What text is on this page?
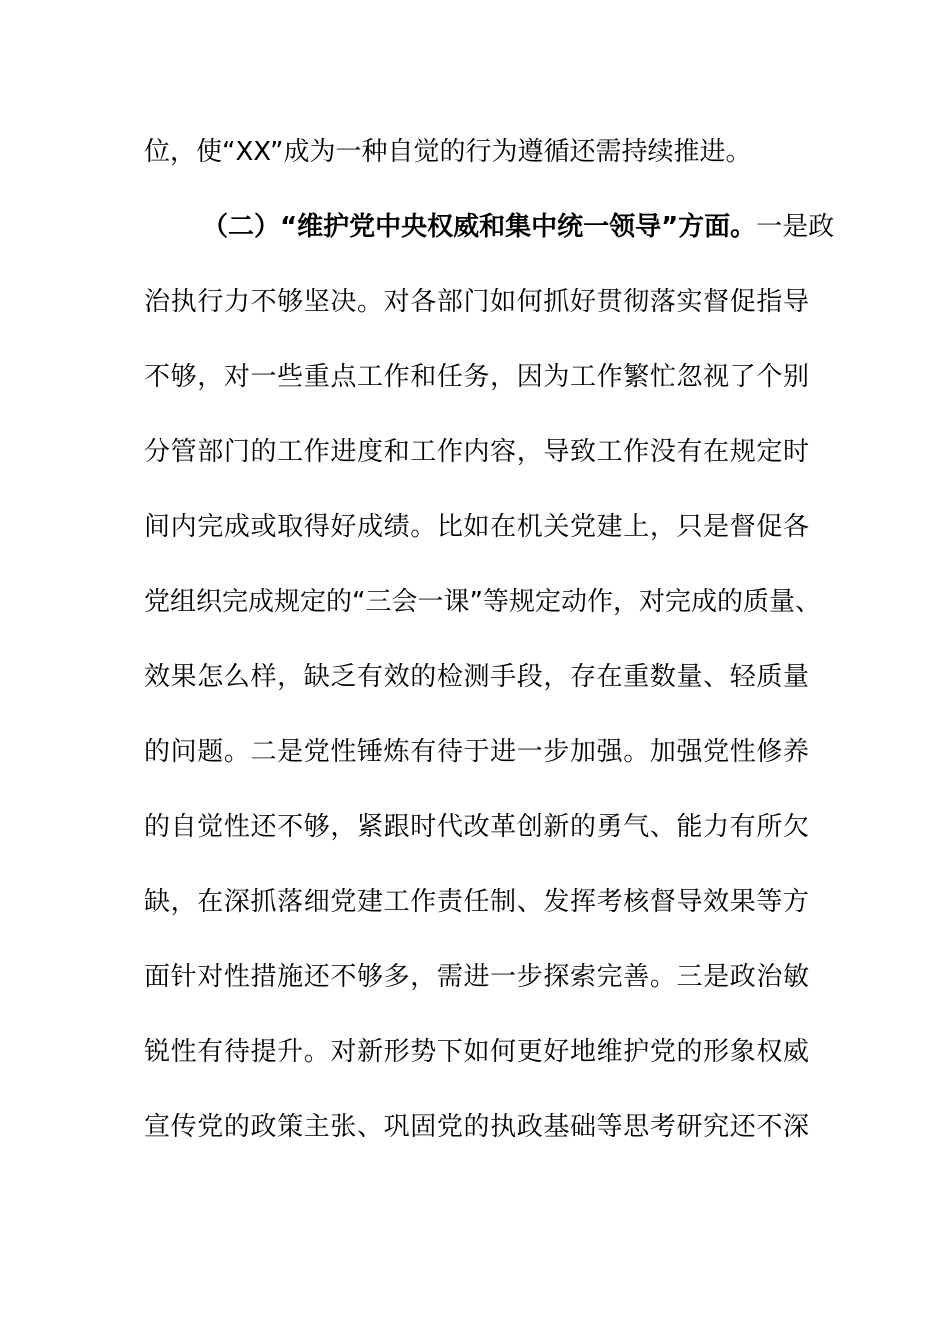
位，使“XX”成为一种自觉的行为遵循还需持续推进。
（二）“维护党中央权威和集中统一领导”方面。一是政
治执行力不够坚决。对各部门如何抓好贯彻落实督促指导
不够，对一些重点工作和任务，因为工作繁忙忽视了个别
分管部门的工作进度和工作内容，导致工作没有在规定时
间内完成或取得好成绩。比如在机关党建上，只是督促各
党组织完成规定的“三会一课”等规定动作，对完成的质量、
效果怎么样，缺乏有效的检测手段，存在重数量、轻质量
的问题。二是党性锤炼有待于进一步加强。加强党性修养
的自觉性还不够，紧跟时代改革创新的勇气、能力有所欠
缺，在深抓落细党建工作责任制、发挥考核督导效果等方
面针对性措施还不够多，需进一步探索完善。三是政治敏
锐性有待提升。对新形势下如何更好地维护党的形象权威
宣传党的政策主张、巩固党的执政基础等思考研究还不深
